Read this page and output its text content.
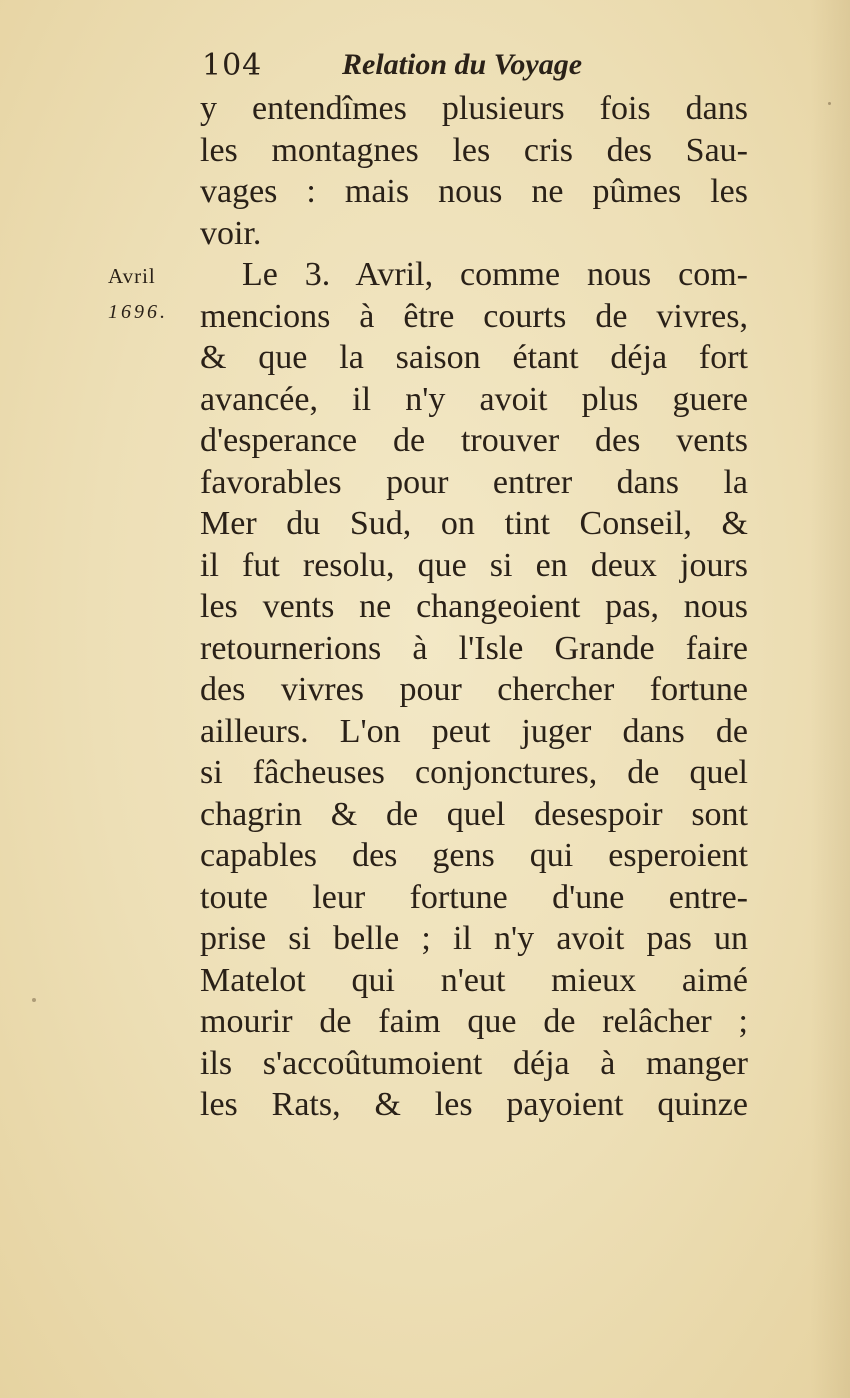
104	Relation du Voyage
Avril
1696.
y entendîmes plusieurs fois dans
les montagnes les cris des Sau-
vages : mais nous ne pûmes les
voir.
Le 3. Avril, comme nous com-
mencions à être courts de vivres,
& que la saison étant déja fort
avancée, il n'y avoit plus guere
d'esperance de trouver des vents
favorables pour entrer dans la
Mer du Sud, on tint Conseil, &
il fut resolu, que si en deux jours
les vents ne changeoient pas, nous
retournerions à l'Isle Grande faire
des vivres pour chercher fortune
ailleurs. L'on peut juger dans de
si fâcheuses conjonctures, de quel
chagrin & de quel desespoir sont
capables des gens qui esperoient
toute leur fortune d'une entre-
prise si belle ; il n'y avoit pas un
Matelot qui n'eut mieux aimé
mourir de faim que de relâcher ;
ils s'accoûtumoient déja à manger
les Rats, & les payoient quinze
